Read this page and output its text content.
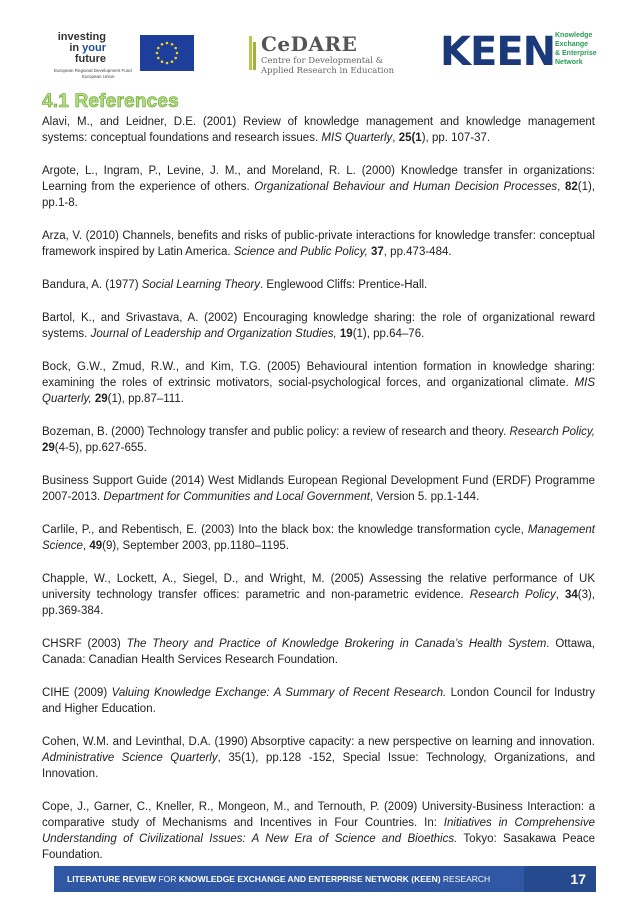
investing
in your future
European Regional Development Fund
European Union
CeDARE
Centre for Developmental &
Applied Research in Education KEEN Knowledge
Exchange
& Enterprise
Network
4.1 References

Alavi, M., and Leidner, D.E. (2001) Review of knowledge management and knowledge management systems: conceptual foundations and research issues. MIS Quarterly, 25(1), pp. 107-37.

Argote, L., Ingram, P., Levine, J. M., and Moreland, R. L. (2000) Knowledge transfer in organizations: Learning from the experience of others. Organizational Behaviour and Human Decision Processes, 82(1), pp.1-8.

Arza, V. (2010) Channels, benefits and risks of public-private interactions for knowledge transfer: conceptual framework inspired by Latin America. Science and Public Policy, 37, pp.473-484.

Bandura, A. (1977) Social Learning Theory. Englewood Cliffs: Prentice-Hall.

Bartol, K., and Srivastava, A. (2002) Encouraging knowledge sharing: the role of organizational reward systems. Journal of Leadership and Organization Studies, 19(1), pp.64–76.

Bock, G.W., Zmud, R.W., and Kim, T.G. (2005) Behavioural intention formation in knowledge sharing: examining the roles of extrinsic motivators, social-psychological forces, and organizational climate. MIS Quarterly, 29(1), pp.87–111.

Bozeman, B. (2000) Technology transfer and public policy: a review of research and theory. Research Policy, 29(4-5), pp.627-655.

Business Support Guide (2014) West Midlands European Regional Development Fund (ERDF) Programme 2007-2013. Department for Communities and Local Government, Version 5. pp.1-144.

Carlile, P., and Rebentisch, E. (2003) Into the black box: the knowledge transformation cycle, Management Science, 49(9), September 2003, pp.1180–1195.

Chapple, W., Lockett, A., Siegel, D., and Wright, M. (2005) Assessing the relative performance of UK university technology transfer offices: parametric and non-parametric evidence. Research Policy, 34(3), pp.369-384.

CHSRF (2003) The Theory and Practice of Knowledge Brokering in Canada’s Health System. Ottawa, Canada: Canadian Health Services Research Foundation.

CIHE (2009) Valuing Knowledge Exchange: A Summary of Recent Research. London Council for Industry and Higher Education.

Cohen, W.M. and Levinthal, D.A. (1990) Absorptive capacity: a new perspective on learning and innovation. Administrative Science Quarterly, 35(1), pp.128 -152, Special Issue: Technology, Organizations, and Innovation.

Cope, J., Garner, C., Kneller, R., Mongeon, M., and Ternouth, P. (2009) University-Business Interaction: a comparative study of Mechanisms and Incentives in Four Countries. In: Initiatives in Comprehensive Understanding of Civilizational Issues: A New Era of Science and Bioethics. Tokyo: Sasakawa Peace Foundation.

LITERATURE REVIEW FOR KNOWLEDGE EXCHANGE AND ENTERPRISE NETWORK (KEEN) RESEARCH	17
